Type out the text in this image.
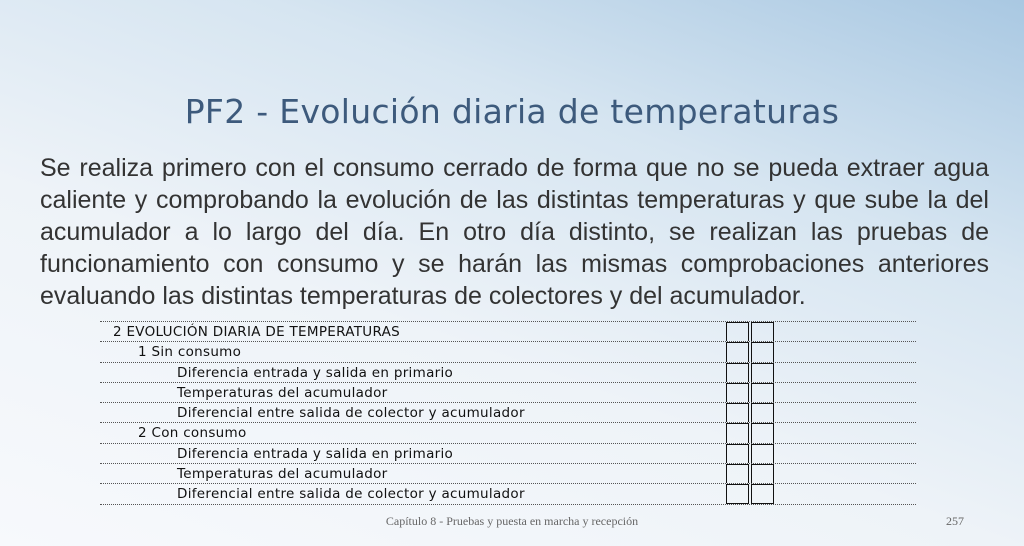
PF2 - Evolución diaria de temperaturas
Se realiza primero con el consumo cerrado de forma que no se pueda extraer agua caliente y comprobando la evolución de las distintas temperaturas y que sube la del acumulador a lo largo del día. En otro día distinto, se realizan las pruebas de funcionamiento con consumo y se harán las mismas comprobaciones anteriores evaluando las distintas temperaturas de colectores y del acumulador.
2 EVOLUCIÓN DIARIA DE TEMPERATURAS
1 Sin consumo
Diferencia entrada y salida en primario
Temperaturas del acumulador
Diferencial entre salida de colector y acumulador
2 Con consumo
Diferencia entrada y salida en primario
Temperaturas del acumulador
Diferencial entre salida de colector y acumulador
Capítulo 8 - Pruebas y puesta en marcha y recepción	257
